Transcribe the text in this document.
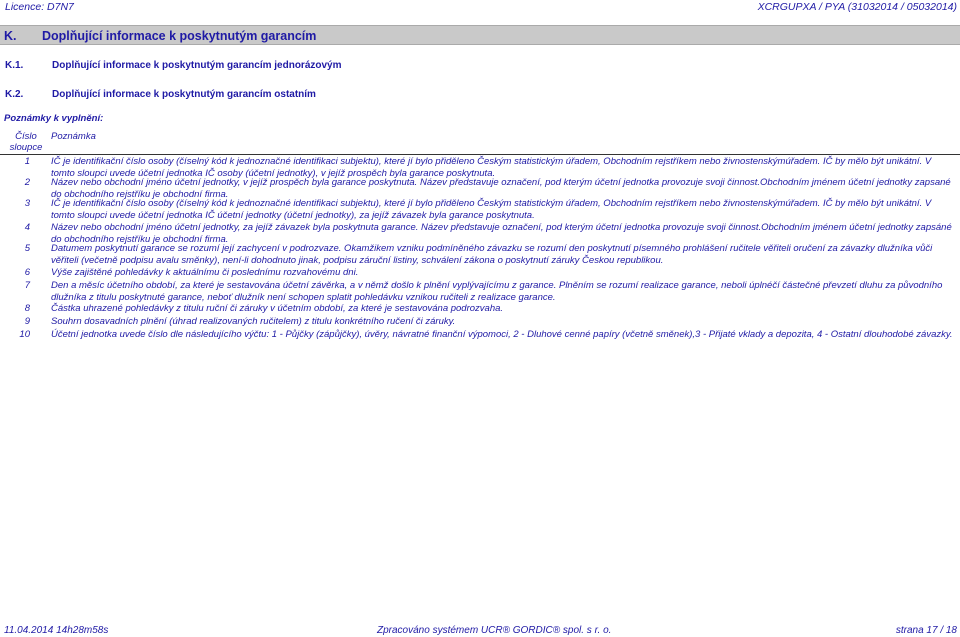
Licence: D7N7	XCRGUPXA / PYA (31032014 / 05032014)
K. Doplňující informace k poskytnutým garancím
K.1.	Doplňující informace k poskytnutým garancím jednorázovým
K.2.	Doplňující informace k poskytnutým garancím ostatním
Poznámky k vyplnění:
Číslo sloupce
Poznámka
1 IČ je identifikační číslo osoby (číselný kód k jednoznačné identifikaci subjektu), které jí bylo přiděleno Českým statistickým úřadem, Obchodním rejstříkem nebo živnostenskýmúřadem. IČ by mělo být unikátní. V tomto sloupci uvede účetní jednotka IČ osoby (účetní jednotky), v jejíž prospěch byla garance poskytnuta.
2 Název nebo obchodní jméno účetní jednotky, v jejíž prospěch byla garance poskytnuta. Název představuje označení, pod kterým účetní jednotka provozuje svoji činnost.Obchodním jménem účetní jednotky zapsané do obchodního rejstříku je obchodní firma.
3 IČ je identifikační číslo osoby (číselný kód k jednoznačné identifikaci subjektu), které jí bylo přiděleno Českým statistickým úřadem, Obchodním rejstříkem nebo živnostenskýmúřadem. IČ by mělo být unikátní. V tomto sloupci uvede účetní jednotka IČ účetní jednotky (účetní jednotky), za jejíž závazek byla garance poskytnuta.
4 Název nebo obchodní jméno účetní jednotky, za jejíž závazek byla poskytnuta garance. Název představuje označení, pod kterým účetní jednotka provozuje svoji činnost.Obchodním jménem účetní jednotky zapsáné do obchodního rejstříku je obchodní firma.
5 Datumem poskytnutí garance se rozumí její zachycení v podrozvaze. Okamžikem vzniku podmíněného závazku se rozumí den poskytnutí písemného prohlášení ručitele věřiteli oručení za závazky dlužníka vůči věřiteli (večetně podpisu avalu směnky), není-li dohodnuto jinak, podpisu záruční listiny, schválení zákona o poskytnutí záruky Českou republikou.
6 Výše zajištěné pohledávky k aktuálnímu či poslednímu rozvahovému dni.
7 Den a měsíc účetního období, za které je sestavována účetní závěrka, a v němž došlo k plnění vyplývajícímu z garance. Plněním se rozumí realizace garance, neboli úplnéčí částečné převzetí dluhu za původního dlužníka z titulu poskytnuté garance, neboť dlužník není schopen splatit pohledávku vznikou ručiteli z realizace garance.
8 Částka uhrazené pohledávky z titulu ruční či záruky v účetním období, za které je sestavována podrozvaha.
9 Souhrn dosavadních plnění (úhrad realizovaných ručitelem) z titulu konkrétního ručení či záruky.
10 Účetní jednotka uvede číslo dle následujícího výčtu: 1 - Půjčky (zápůjčky), úvěry, návratné finanční výpomoci, 2 - Dluhové cenné papíry (včetně směnek),3 - Přijaté vklady a depozita, 4 - Ostatní dlouhodobé závazky.
11.04.2014 14h28m58s	Zpracováno systémem UCR® GORDIC® spol. s r. o.	strana 17 / 18
